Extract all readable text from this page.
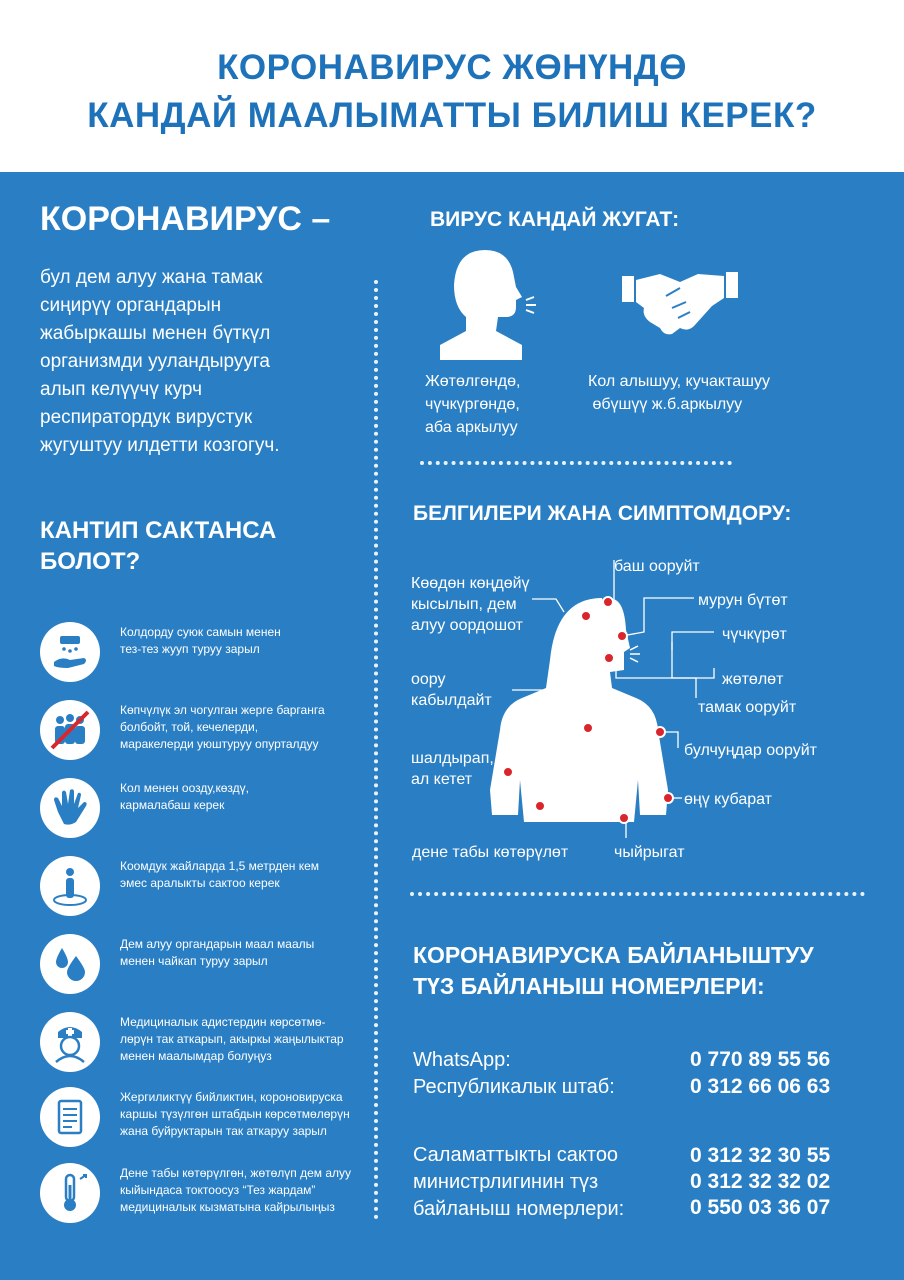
КОРОНАВИРУС ЖӨНҮНДӨ
КАНДАЙ МААЛЫМАТТЫ БИЛИШ КЕРЕК?
КОРОНАВИРУС –
бул дем алуу жана тамак
сиңирүү органдарын
жабыркашы менен бүткүл
организмди ууландырууга
алып келүүчү курч
респиратордук вирустук
жугуштуу илдетти козгогуч.
КАНТИП САКТАНСА
БОЛОТ?
Колдорду суюк самын менен
тез-тез жууп туруу зарыл
Көпчүлүк эл чогулган жерге барганга
болбойт, той, кечелерди,
маракелерди уюштуруу опурталдуу
Кол менен оозду,көздү,
кармалабаш керек
Коомдук жайларда 1,5 метрден кем
эмес аралыкты сактоо керек
Дем алуу органдарын маал маалы
менен чайкап туруу зарыл
Медициналык адистердин көрсөтмө-
лөрүн так аткарып, акыркы жаңылыктар
менен маалымдар болуңуз
Жергиликтүү бийликтин, короновируска
каршы түзүлгөн штабдын көрсөтмөлөрүн
жана буйруктарын так аткаруу зарыл
Дене табы көтөрүлгөн, жөтөлүп дем алуу
кыйындаса токтоосуз “Тез жардам”
медициналык кызматына кайрылыңыз
ВИРУС КАНДАЙ ЖУГАТ:
Жөтөлгөндө,
чүчкүргөндө,
аба аркылуу
Кол алышуу, кучакташуу
өбүшүү ж.б.аркылуу
БЕЛГИЛЕРИ ЖАНА СИМПТОМДОРУ:
Көөдөн көңдөйү
кысылып, дем
алуу оордошот
оору
кабылдайт
шалдырап,
ал кетет
дене табы көтөрүлөт	чыйрыгат
баш ооруйт
мурун бүтөт
чүчкүрөт
жөтөлөт
тамак ооруйт
булчуңдар ооруйт
өңү кубарат
КОРОНАВИРУСКА БАЙЛАНЫШТУУ
ТҮЗ БАЙЛАНЫШ НОМЕРЛЕРИ:
WhatsApp:	0 770 89 55 56
Республикалык штаб:	0 312 66 06 63
Саламаттыкты сактоо
министрлигинин түз
байланыш номерлери:
0 312 32 30 55
0 312 32 32 02
0 550 03 36 07
